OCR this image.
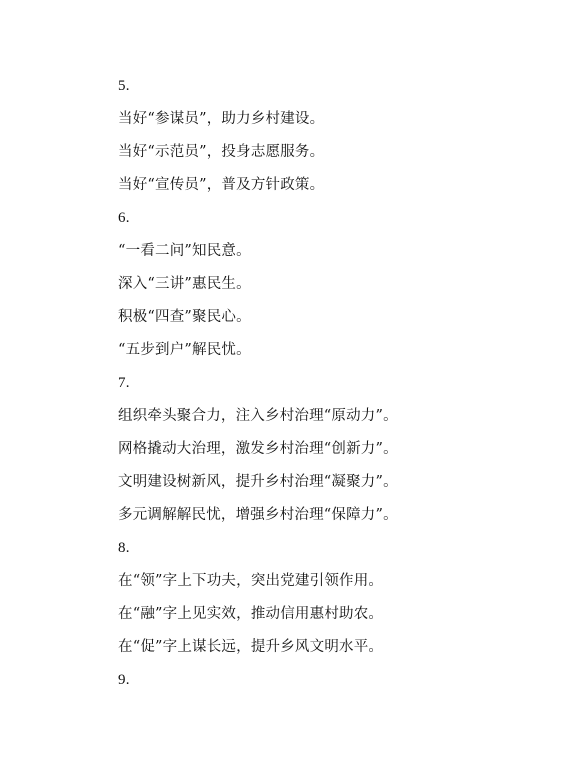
5.
当好“参谋员”，助力乡村建设。
当好“示范员”，投身志愿服务。
当好“宣传员”，普及方针政策。
6.
“一看二问”知民意。
深入“三讲”惠民生。
积极“四查”聚民心。
“五步到户”解民忧。
7.
组织牵头聚合力，注入乡村治理“原动力”。
网格撬动大治理，激发乡村治理“创新力”。
文明建设树新风，提升乡村治理“凝聚力”。
多元调解解民忧，增强乡村治理“保障力”。
8.
在“领”字上下功夫，突出党建引领作用。
在“融”字上见实效，推动信用惠村助农。
在“促”字上谋长远，提升乡风文明水平。
9.
